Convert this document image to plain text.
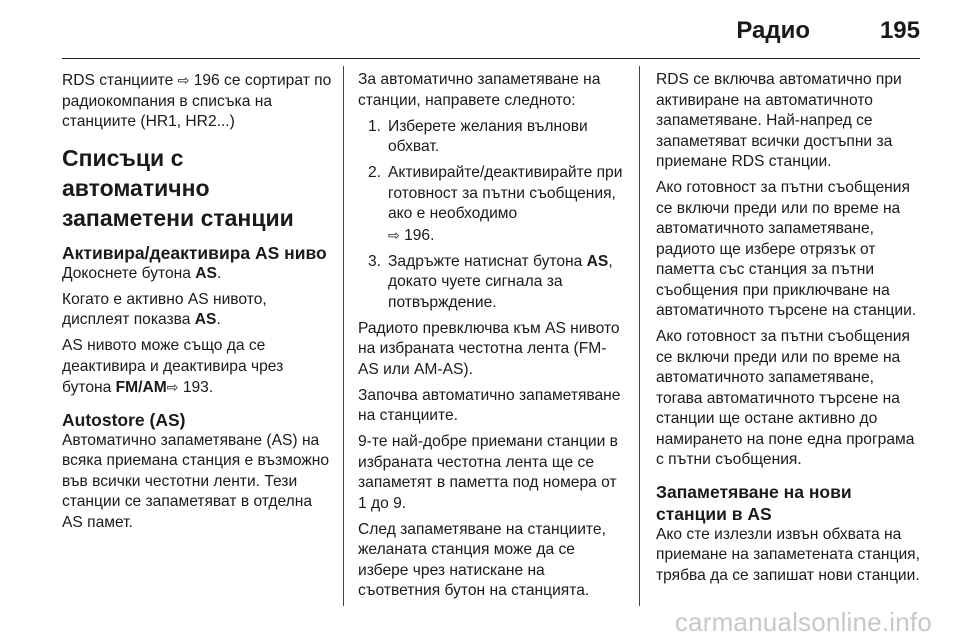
Радио	195

RDS станциите ⇨ 196 се сортират по радиокомпания в списъка на станциите (HR1, HR2...)

Списъци с автоматично запаметени станции
Активира/деактивира AS ниво

Докоснете бутона AS.

Когато е активно AS нивото, дисплеят показва AS.

AS нивото може също да се деактивира и деактивира чрез бутона FM/AM⇨ 193.

Autostore (AS)

Автоматично запаметяване (AS) на всяка приемана станция е възможно във всички честотни ленти. Тези станции се запаметяват в отделна AS памет.

За автоматично запаметяване на станции, направете следното:

1. Изберете желания вълнови обхват.
2. Активирайте/деактивирайте при готовност за пътни съобщения, ако е необходимо
⇨ 196.
3. Задръжте натиснат бутона AS, докато чуете сигнала за потвърждение.

Радиото превключва към AS нивото на избраната честотна лента (FM-AS или AM-AS).

Започва автоматично запаметяване на станциите.

9-те най-добре приемани станции в избраната честотна лента ще се запаметят в паметта под номера от 1 до 9.

След запаметяване на станциите, желаната станция може да се избере чрез натискане на съответния бутон на станцията.

RDS се включва автоматично при активиране на автоматичното запаметяване. Най-напред се запаметяват всички достъпни за приемане RDS станции.

Ако готовност за пътни съобщения се включи преди или по време на автоматичното запаметяване, радиото ще избере отрязък от паметта със станция за пътни съобщения при приключване на автоматичното търсене на станции.

Ако готовност за пътни съобщения се включи преди или по време на автоматичното запаметяване, тогава автоматичното търсене на станции ще остане активно до намирането на поне една програма с пътни съобщения.

Запаметяване на нови станции в AS

Ако сте излезли извън обхвата на приемане на запаметената станция, трябва да се запишат нови станции.

carmanualsonline.info
